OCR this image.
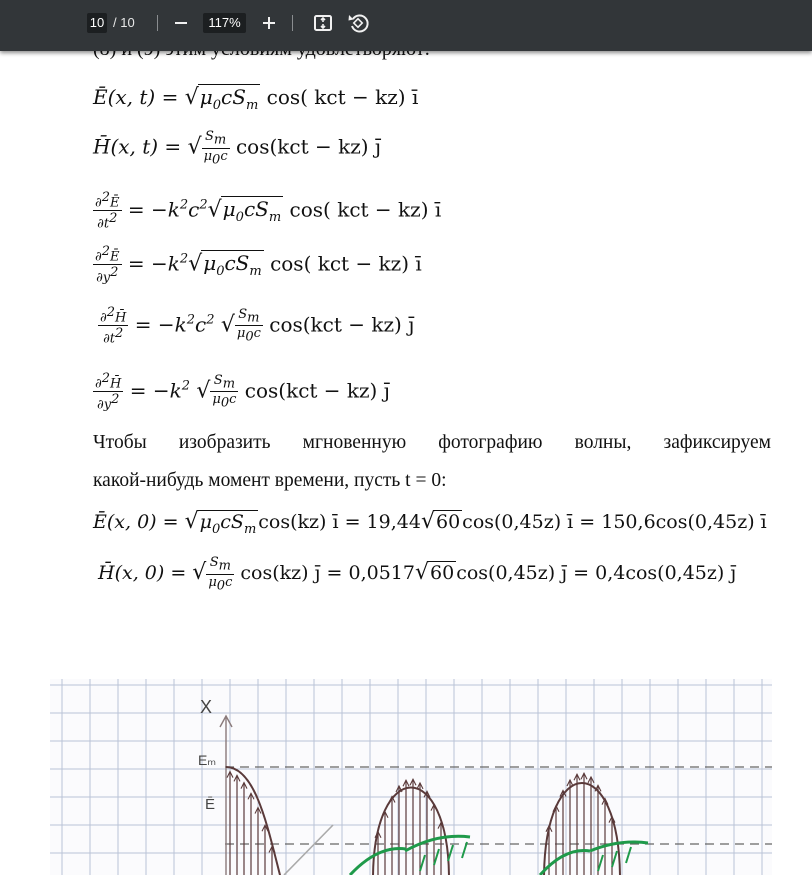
10 / 10	117%
Ē(x, $t) = √\mu_0cS_m$ cos( kct − kz) ī
H̄(x, t) = √ $\frac{S_m}{\mu_0c} \cos(kct - kz)$ j̄
$\frac{\partial^2Ē}{\partial t^2} = -k^2c^2√\mu_0cS_m$ cos( kct − kz) ī
$\frac{\partial^2Ē}{\partial y^2} = -k^2√\mu_0cS_m$ cos( kct − kz) ī
$\frac{\partial^2H̄}{\partial t^2} = -k^2c^2$ √ $\frac{S_m}{\mu_0c} \cos(kct - kz)$ j̄
$\frac{\partial^2H̄}{\partial y^2} = -k^2$ √ $\frac{S_m}{\mu_0c} \cos(kct - kz)$ j̄
Чтобы изобразить мгновенную фотографию волны, зафиксируем
какой-нибудь момент времени, пусть t = 0:
Ē(x, $0) = √\mu_0cS_m$ cos(kz) ī = 19,44√60 cos(0,45z) ī = 150,6cos(0,45z) ī
H̄(x, 0) = √ $\frac{S_m}{\mu_0c} \cos(kz)$ j̄ = 0,0517√60 cos(0,45z) j̄ = 0,4cos(0,45z) j̄
X
Eₘ
Ē
